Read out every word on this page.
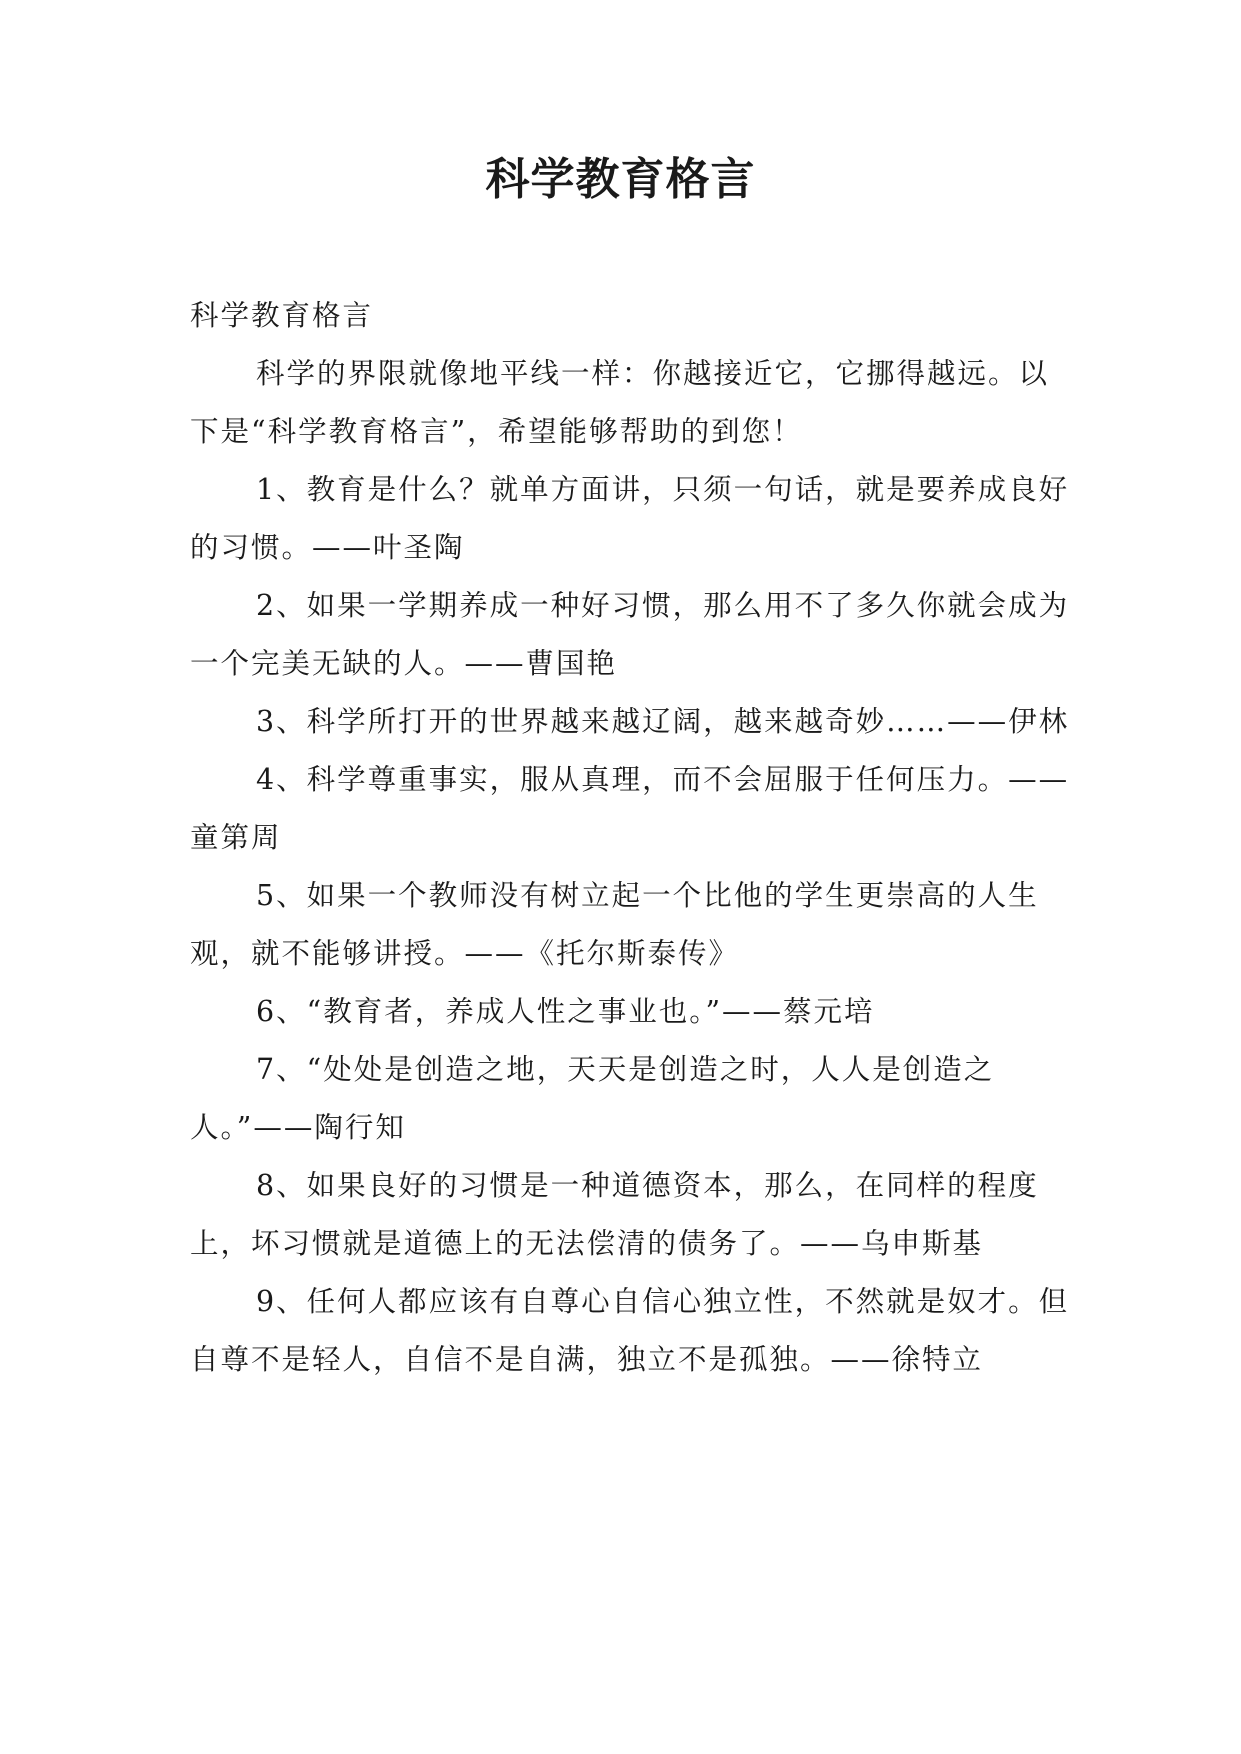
科学教育格言

科学教育格言

科学的界限就像地平线一样：你越接近它，它挪得越远。以下是“科学教育格言”，希望能够帮助的到您！

1、教育是什么？就单方面讲，只须一句话，就是要养成良好的习惯。——叶圣陶

2、如果一学期养成一种好习惯，那么用不了多久你就会成为一个完美无缺的人。——曹国艳

3、科学所打开的世界越来越辽阔，越来越奇妙……——伊林

4、科学尊重事实，服从真理，而不会屈服于任何压力。——童第周

5、如果一个教师没有树立起一个比他的学生更崇高的人生观，就不能够讲授。——《托尔斯泰传》

6、“教育者，养成人性之事业也。”——蔡元培

7、“处处是创造之地，天天是创造之时，人人是创造之人。”——陶行知

8、如果良好的习惯是一种道德资本，那么，在同样的程度上，坏习惯就是道德上的无法偿清的债务了。——乌申斯基

9、任何人都应该有自尊心自信心独立性，不然就是奴才。但自尊不是轻人，自信不是自满，独立不是孤独。——徐特立
